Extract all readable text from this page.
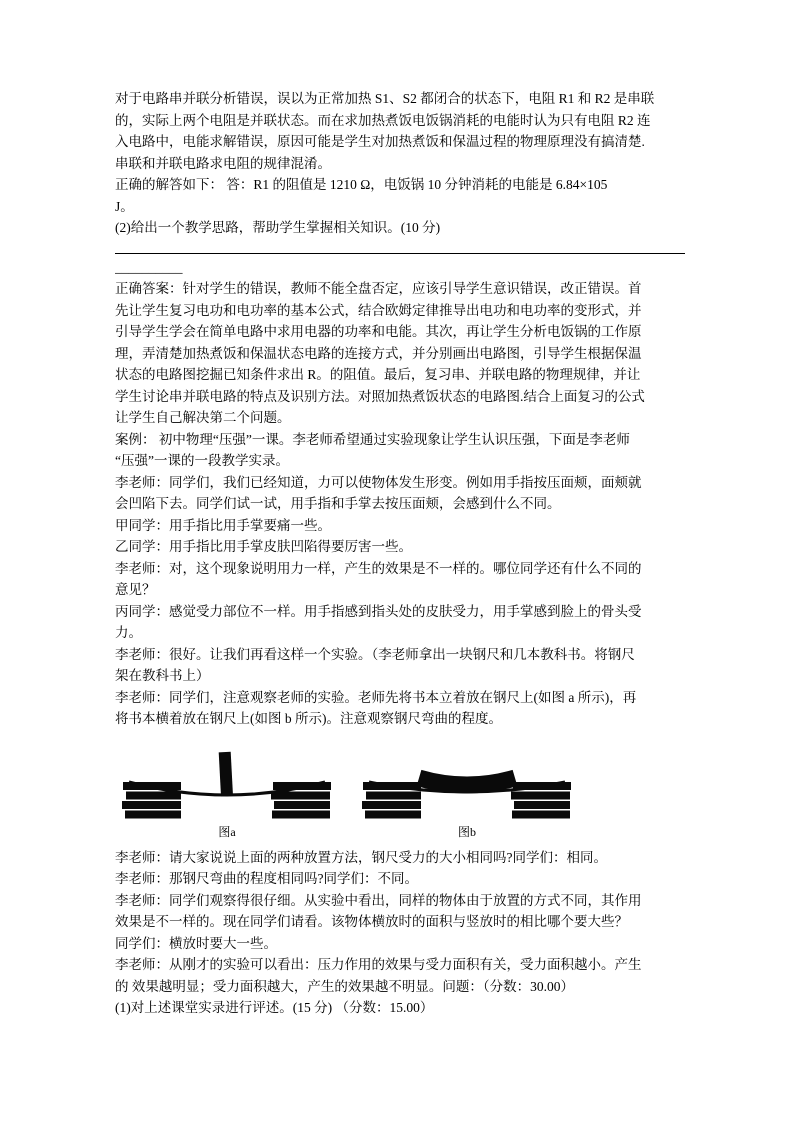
对于电路串并联分析错误，误以为正常加热 S1、S2 都闭合的状态下，电阻 R1 和 R2 是串联
的，实际上两个电阻是并联状态。而在求加热煮饭电饭锅消耗的电能时认为只有电阻 R2 连
入电路中，电能求解错误，原因可能是学生对加热煮饭和保温过程的物理原理没有搞清楚.
串联和并联电路求电阻的规律混淆。
正确的解答如下： 答：R1 的阻值是 1210 Ω，电饭锅 10 分钟消耗的电能是 6.84×105
J。
(2)给出一个教学思路，帮助学生掌握相关知识。(10 分)
__________
正确答案：针对学生的错误，教师不能全盘否定，应该引导学生意识错误，改正错误。首
先让学生复习电功和电功率的基本公式，结合欧姆定律推导出电功和电功率的变形式，并
引导学生学会在简单电路中求用电器的功率和电能。其次，再让学生分析电饭锅的工作原
理，弄清楚加热煮饭和保温状态电路的连接方式，并分别画出电路图，引导学生根据保温
状态的电路图挖掘已知条件求出 R。的阻值。最后，复习串、并联电路的物理规律，并让
学生讨论串并联电路的特点及识别方法。对照加热煮饭状态的电路图.结合上面复习的公式
让学生自己解决第二个问题。
案例： 初中物理“压强”一课。李老师希望通过实验现象让学生认识压强，下面是李老师
“压强”一课的一段教学实录。
李老师：同学们，我们已经知道，力可以使物体发生形变。例如用手指按压面颊，面颊就
会凹陷下去。同学们试一试，用手指和手掌去按压面颊，会感到什么不同。
甲同学：用手指比用手掌要痛一些。
乙同学：用手指比用手掌皮肤凹陷得要厉害一些。
李老师：对，这个现象说明用力一样，产生的效果是不一样的。哪位同学还有什么不同的
意见？
丙同学：感觉受力部位不一样。用手指感到指头处的皮肤受力，用手掌感到脸上的骨头受
力。
李老师：很好。让我们再看这样一个实验。（李老师拿出一块钢尺和几本教科书。将钢尺
架在教科书上）
李老师：同学们，注意观察老师的实验。老师先将书本立着放在钢尺上(如图 a 所示)，再
将书本横着放在钢尺上(如图 b 所示)。注意观察钢尺弯曲的程度。
图a	图b
李老师：请大家说说上面的两种放置方法，钢尺受力的大小相同吗?同学们：相同。
李老师：那钢尺弯曲的程度相同吗?同学们：不同。
李老师：同学们观察得很仔细。从实验中看出，同样的物体由于放置的方式不同，其作用
效果是不一样的。现在同学们请看。该物体横放时的面积与竖放时的相比哪个要大些？
同学们：横放时要大一些。
李老师：从刚才的实验可以看出：压力作用的效果与受力面积有关，受力面积越小。产生
的 效果越明显；受力面积越大，产生的效果越不明显。问题：（分数：30.00）
(1)对上述课堂实录进行评述。(15 分) （分数：15.00）
